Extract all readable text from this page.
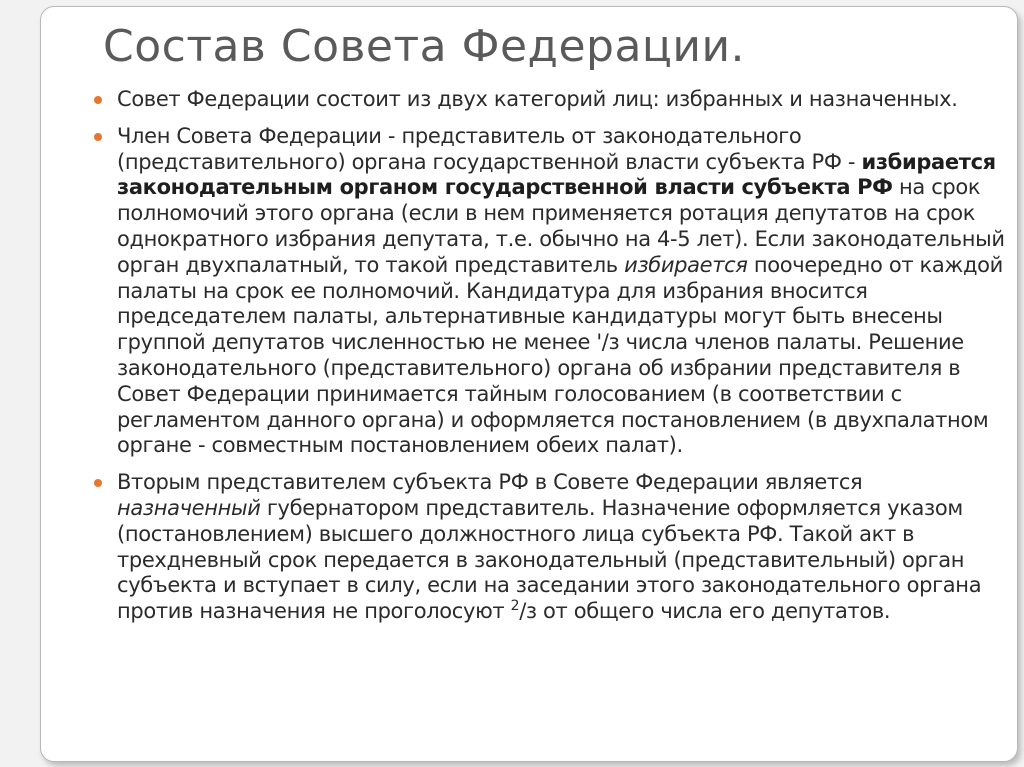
Состав Совета Федерации.
Совет Федерации состоит из двух категорий лиц: избранных и назначенных.
Член Совета Федерации - представитель от законодательного (представительного) органа государственной власти субъекта РФ - избирается законодательным органом государственной власти субъекта РФ на срок полномочий этого органа (если в нем применяется ротация депутатов на срок однократного избрания депутата, т.е. обычно на 4-5 лет). Если законодательный орган двухпалатный, то такой представитель избирается поочередно от каждой палаты на срок ее полномочий. Кандидатура для избрания вносится председателем палаты, альтернативные кандидатуры могут быть внесены группой депутатов численностью не менее '/з числа членов палаты. Решение законодательного (представительного) органа об избрании представителя в Совет Федерации принимается тайным голосованием (в соответствии с регламентом данного органа) и оформляется постановлением (в двухпалатном органе - совместным постановлением обеих палат).
Вторым представителем субъекта РФ в Совете Федерации является назначенный губернатором представитель. Назначение оформляется указом (постановлением) высшего должностного лица субъекта РФ. Такой акт в трехдневный срок передается в законодательный (представительный) орган субъекта и вступает в силу, если на заседании этого законодательного органа против назначения не проголосуют $^2$/з от общего числа его депутатов.
